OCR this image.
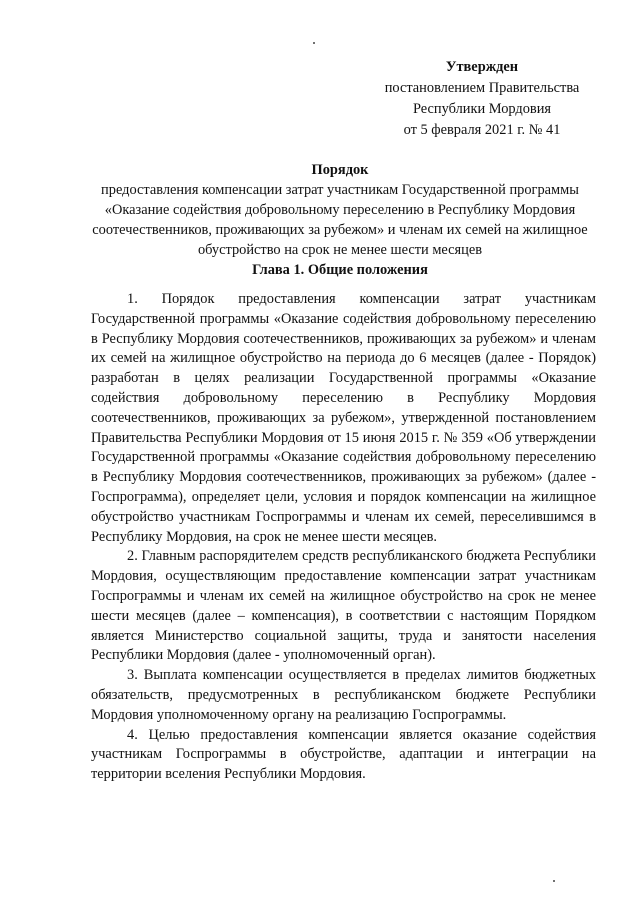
Утвержден
постановлением Правительства
Республики Мордовия
от 5 февраля 2021 г. № 41
Порядок
предоставления компенсации затрат участникам Государственной программы «Оказание содействия добровольному переселению в Республику Мордовия соотечественников, проживающих за рубежом» и членам их семей на жилищное обустройство на срок не менее шести месяцев
Глава 1. Общие положения

1. Порядок предоставления компенсации затрат участникам Государственной программы «Оказание содействия добровольному переселению в Республику Мордовия соотечественников, проживающих за рубежом» и членам их семей на жилищное обустройство на периода до 6 месяцев (далее - Порядок) разработан в целях реализации Государственной программы «Оказание содействия добровольному переселению в Республику Мордовия соотечественников, проживающих за рубежом», утвержденной постановлением Правительства Республики Мордовия от 15 июня 2015 г. № 359 «Об утверждении Государственной программы «Оказание содействия добровольному переселению в Республику Мордовия соотечественников, проживающих за рубежом» (далее - Госпрограмма), определяет цели, условия и порядок компенсации на жилищное обустройство участникам Госпрограммы и членам их семей, переселившимся в Республику Мордовия, на срок не менее шести месяцев.

2. Главным распорядителем средств республиканского бюджета Республики Мордовия, осуществляющим предоставление компенсации затрат участникам Госпрограммы и членам их семей на жилищное обустройство на срок не менее шести месяцев (далее – компенсация), в соответствии с настоящим Порядком является Министерство социальной защиты, труда и занятости населения Республики Мордовия (далее - уполномоченный орган).

3. Выплата компенсации осуществляется в пределах лимитов бюджетных обязательств, предусмотренных в республиканском бюджете Республики Мордовия уполномоченному органу на реализацию Госпрограммы.

4. Целью предоставления компенсации является оказание содействия участникам Госпрограммы в обустройстве, адаптации и интеграции на территории вселения Республики Мордовия.
